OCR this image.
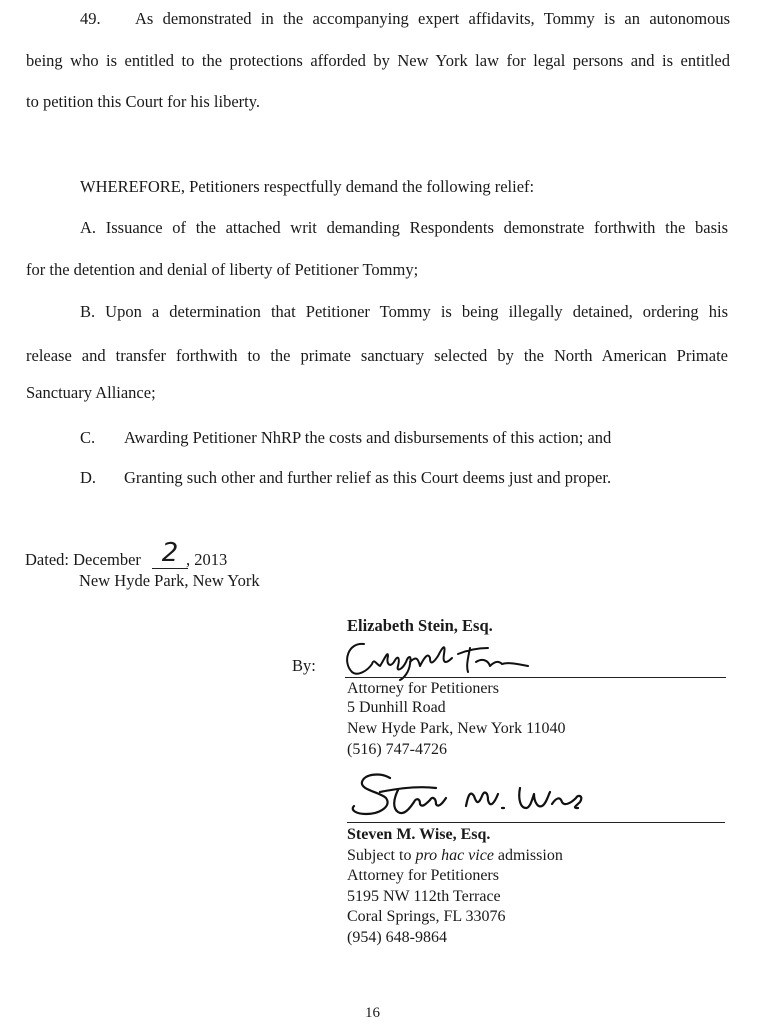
49. As demonstrated in the accompanying expert affidavits, Tommy is an autonomous
being who is entitled to the protections afforded by New York law for legal persons and is entitled
to petition this Court for his liberty.
WHEREFORE, Petitioners respectfully demand the following relief:
A. Issuance of the attached writ demanding Respondents demonstrate forthwith the basis
for the detention and denial of liberty of Petitioner Tommy;
B. Upon a determination that Petitioner Tommy is being illegally detained, ordering his
release and transfer forthwith to the primate sanctuary selected by the North American Primate
Sanctuary Alliance;
C. Awarding Petitioner NhRP the costs and disbursements of this action; and
D. Granting such other and further relief as this Court deems just and proper.
Dated: December 2 , 2013
New Hyde Park, New York
Elizabeth Stein, Esq.
By:
Attorney for Petitioners
5 Dunhill Road
New Hyde Park, New York 11040
(516) 747-4726
Steven M. Wise, Esq.
Subject to pro hac vice admission
Attorney for Petitioners
5195 NW 112th Terrace
Coral Springs, FL 33076
(954) 648-9864
16
